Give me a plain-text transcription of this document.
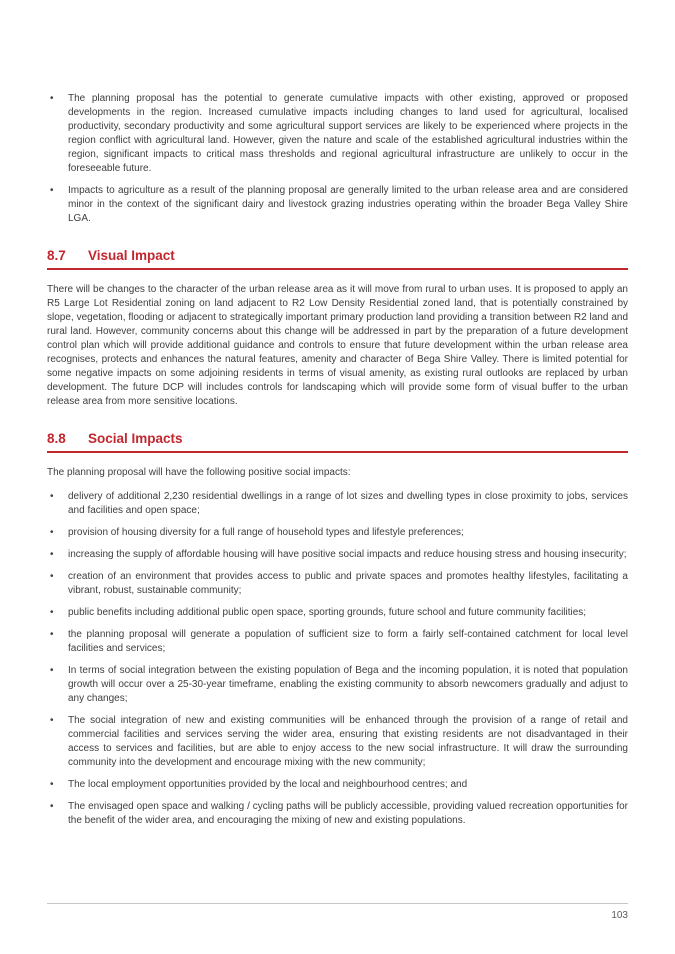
• The planning proposal has the potential to generate cumulative impacts with other existing, approved or proposed developments in the region. Increased cumulative impacts including changes to land used for agricultural, localised productivity, secondary productivity and some agricultural support services are likely to be experienced where projects in the region conflict with agricultural land. However, given the nature and scale of the established agricultural industries within the region, significant impacts to critical mass thresholds and regional agricultural infrastructure are unlikely to occur in the foreseeable future.
• Impacts to agriculture as a result of the planning proposal are generally limited to the urban release area and are considered minor in the context of the significant dairy and livestock grazing industries operating within the broader Bega Valley Shire LGA.
8.7 Visual Impact

There will be changes to the character of the urban release area as it will move from rural to urban uses. It is proposed to apply an R5 Large Lot Residential zoning on land adjacent to R2 Low Density Residential zoned land, that is potentially constrained by slope, vegetation, flooding or adjacent to strategically important primary production land providing a transition between R2 land and rural land. However, community concerns about this change will be addressed in part by the preparation of a future development control plan which will provide additional guidance and controls to ensure that future development within the urban release area recognises, protects and enhances the natural features, amenity and character of Bega Shire Valley. There is limited potential for some negative impacts on some adjoining residents in terms of visual amenity, as existing rural outlooks are replaced by urban development. The future DCP will includes controls for landscaping which will provide some form of visual buffer to the urban release area from more sensitive locations.

8.8 Social Impacts

The planning proposal will have the following positive social impacts:

• delivery of additional 2,230 residential dwellings in a range of lot sizes and dwelling types in close proximity to jobs, services and facilities and open space;
• provision of housing diversity for a full range of household types and lifestyle preferences;
• increasing the supply of affordable housing will have positive social impacts and reduce housing stress and housing insecurity;
• creation of an environment that provides access to public and private spaces and promotes healthy lifestyles, facilitating a vibrant, robust, sustainable community;
• public benefits including additional public open space, sporting grounds, future school and future community facilities;
• the planning proposal will generate a population of sufficient size to form a fairly self-contained catchment for local level facilities and services;
• In terms of social integration between the existing population of Bega and the incoming population, it is noted that population growth will occur over a 25-30-year timeframe, enabling the existing community to absorb newcomers gradually and adjust to any changes;
• The social integration of new and existing communities will be enhanced through the provision of a range of retail and commercial facilities and services serving the wider area, ensuring that existing residents are not disadvantaged in their access to services and facilities, but are able to enjoy access to the new social infrastructure. It will draw the surrounding community into the development and encourage mixing with the new community;
• The local employment opportunities provided by the local and neighbourhood centres; and
• The envisaged open space and walking / cycling paths will be publicly accessible, providing valued recreation opportunities for the benefit of the wider area, and encouraging the mixing of new and existing populations.
103
